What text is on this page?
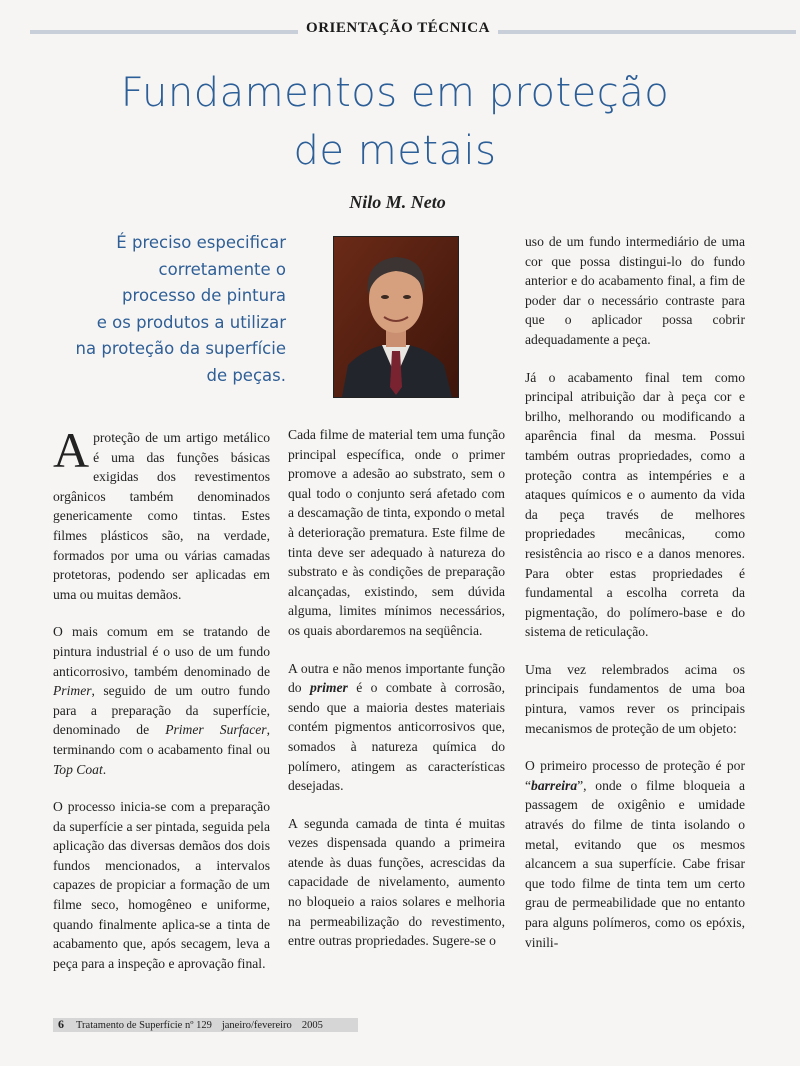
ORIENTAÇÃO TÉCNICA
Fundamentos em proteção
de metais
Nilo M. Neto
É preciso especificar
corretamente o
processo de pintura
e os produtos a utilizar
na proteção da superfície
de peças.

A proteção de um artigo metálico é uma das funções básicas exigidas dos revestimentos orgânicos também denominados genericamente como tintas. Estes filmes plásticos são, na verdade, formados por uma ou várias camadas protetoras, podendo ser aplicadas em uma ou muitas demãos.

O mais comum em se tratando de pintura industrial é o uso de um fundo anticorrosivo, também denominado de Primer, seguido de um outro fundo para a preparação da superfície, denominado de Primer Surfacer, terminando com o acabamento final ou Top Coat.

O processo inicia-se com a preparação da superfície a ser pintada, seguida pela aplicação das diversas demãos dos dois fundos mencionados, a intervalos capazes de propiciar a formação de um filme seco, homogêneo e uniforme, quando finalmente aplica-se a tinta de acabamento que, após secagem, leva a peça para a inspeção e aprovação final.

Cada filme de material tem uma função principal específica, onde o primer promove a adesão ao substrato, sem o qual todo o conjunto será afetado com a descamação de tinta, expondo o metal à deterioração prematura. Este filme de tinta deve ser adequado à natureza do substrato e às condições de preparação alcançadas, existindo, sem dúvida alguma, limites mínimos necessários, os quais abordaremos na seqüência.

A outra e não menos importante função do primer é o combate à corrosão, sendo que a maioria destes materiais contém pigmentos anticorrosivos que, somados à natureza química do polímero, atingem as características desejadas.

A segunda camada de tinta é muitas vezes dispensada quando a primeira atende às duas funções, acrescidas da capacidade de nivelamento, aumento no bloqueio a raios solares e melhoria na permeabilização do revestimento, entre outras propriedades. Sugere-se o

uso de um fundo intermediário de uma cor que possa distingui-lo do fundo anterior e do acabamento final, a fim de poder dar o necessário contraste para que o aplicador possa cobrir adequadamente a peça.

Já o acabamento final tem como principal atribuição dar à peça cor e brilho, melhorando ou modificando a aparência final da mesma. Possui também outras propriedades, como a proteção contra as intempéries e a ataques químicos e o aumento da vida da peça través de melhores propriedades mecânicas, como resistência ao risco e a danos menores. Para obter estas propriedades é fundamental a escolha correta da pigmentação, do polímero-base e do sistema de reticulação.

Uma vez relembrados acima os principais fundamentos de uma boa pintura, vamos rever os principais mecanismos de proteção de um objeto:

O primeiro processo de proteção é por “barreira”, onde o filme bloqueia a passagem de oxigênio e umidade através do filme de tinta isolando o metal, evitando que os mesmos alcancem a sua superfície. Cabe frisar que todo filme de tinta tem um certo grau de permeabilidade que no entanto para alguns polímeros, como os epóxis, vinili-

6 Tratamento de Superfície nº 129 janeiro/fevereiro 2005
